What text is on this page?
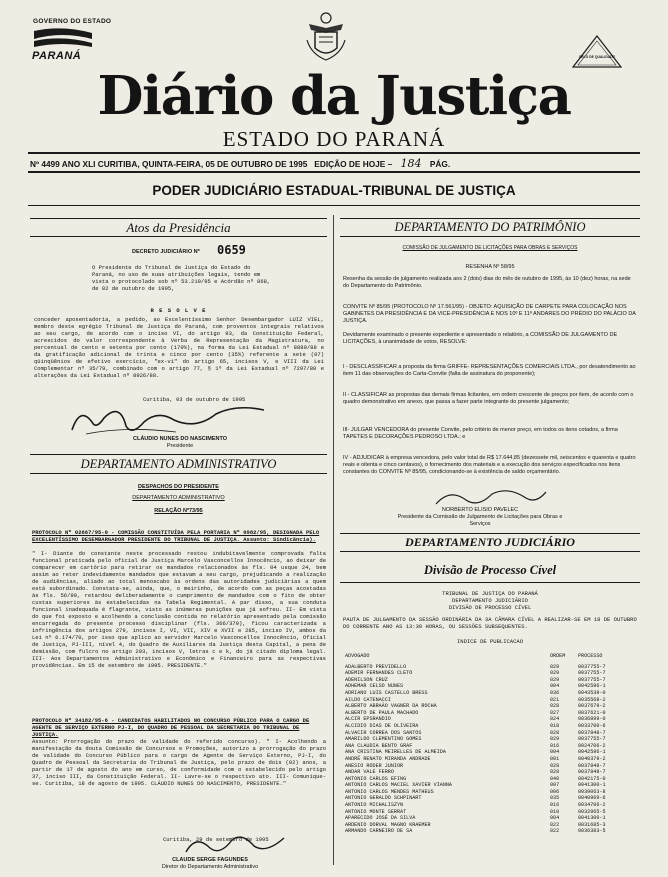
GOVERNO DO ESTADO
PARANÁ	SELO DE QUALIDADE
Diário da Justiça
ESTADO DO PARANÁ
Nº 4499 ANO XLI CURITIBA, QUINTA-FEIRA, 05 DE OUTUBRO DE 1995 EDIÇÃO DE HOJE – 184 PÁG.
PODER JUDICIÁRIO ESTADUAL-TRIBUNAL DE JUSTIÇA
Atos da Presidência
DECRETO JUDICIÁRIO Nº 0659
O Presidente do Tribunal de Justiça do Estado do Paraná, no uso de suas atribuições legais, tendo em vista o protocolado sob nº 53.219/95 e Acórdão nº 868, de 02 de outubro de 1995,
R E S O L V E
conceder aposentadoria, a pedido, ao Excelentíssimo Senhor Desembargador LUIZ VIEL, membro deste egrégio Tribunal de Justiça do Paraná, com proventos integrais relativos ao seu cargo, de acordo com o inciso VI, do artigo 93, da Constituição Federal, acrescidos do valor correspondente à Verba de Representação da Magistratura, no percentual de cento e setenta por cento (170%), na forma da Lei Estadual nº 8889/88 e da gratificação adicional de trinta e cinco por cento (35%) referente a sete (07) qüinqüênios de efetivo exercício, "ex-vi" do artigo 65, incisos V, e VIII da Lei Complementar nº 35/79, combinado com o artigo 77, § 1º da Lei Estadual nº 7297/80 e alterações da Lei Estadual nº 8926/88.
Curitiba, 03 de outubro de 1995
CLÁUDIO NUNES DO NASCIMENTO
Presidente
DEPARTAMENTO ADMINISTRATIVO
DESPACHOS DO PRESIDENTE
DEPARTAMENTO ADMINISTRATIVO
RELAÇÃO Nº73/95
PROTOCOLO Nº 02667/95-0 - COMISSÃO CONSTITUÍDA PELA PORTARIA Nº 0982/95, DESIGNADA PELO EXCELENTÍSSIMO DESEMBARGADOR PRESIDENTE DO TRIBUNAL DE JUSTIÇA. Assunto: Sindicância).
" I- Diante do constante neste processado restou indubitavelmente comprovada falta funcional praticada pelo oficial de Justiça Marcelo Vasconcellos Innocêncio, ao deixar de comparecer em cartório para retirar os mandados relacionados às fls. 04 usque 24, bem assim ao reter indevidamente mandados que estavam a seu cargo, prejudicando a realização de audiências, aliado ao total menoscabo às ordens das autoridades judiciárias a quem está subordinado. Constata-se, ainda, que, o meirinho, de acordo com as peças acostadas às fls. 56/99, retardou deliberadamente o cumprimento de mandados com o fito de obter custas superiores às estabelecidas na Tabela Regimental. A par disso, a sua conduta funcional inadequada é flagrante, visto as inúmeras punições que já sofreu. II- Em vista do que foi exposto e acolhendo a conclusão contida no relatório apresentado pela comissão encarregada do presente processo disciplinar (fls. 366/379), ficou caracterizada a infringência dos artigos 279, incisos I, VI, VII, XIV e XVII e 285, inciso IV, ambos da Lei nº 6.174/70, por isso que aplico ao servidor Marcelo Vasconcellos Innocêncio, Oficial de Justiça, PJ-III, nível 4, do Quadro de Auxiliares da Justiça desta Capital, a pena de demissão, com fulcro no artigo 293, incisos V, letras c e k, do já citado diploma legal. III- Aos Departamentos Administrativo e Econômico e Financeiro para as respectivas providências. Em 15 de setembro de 1995. PRESIDENTE."
PROTOCOLO Nº 34182/95-6 - CANDIDATOS HABILITADOS NO CONCURSO PÚBLICO PARA O CARGO DE AGENTE DE SERVIÇO EXTERNO PJ-I, DO QUADRO DE PESSOAL DA SECRETARIA DO TRIBUNAL DE JUSTIÇA.
Assunto: Prorrogação do prazo de validade do referido concurso). " I- Acolhendo a manifestação da douta Comissão de Concursos e Promoções, autorizo a prorrogação do prazo de validade do Concurso Público para o cargo de Agente de Serviço Externo, PJ-I, do Quadro de Pessoal da Secretaria do Tribunal de Justiça, pelo prazo de dois (02) anos, a partir de 17 de agosto do ano em curso, de conformidade com o estabelecido pelo artigo 37, inciso III, da Constituição Federal. II- Lavre-se o respectivo ato. III- Comunique-se. Curitiba, 18 de agosto de 1995. CLÁUDIO NUNES DO NASCIMENTO, PRESIDENTE."
Curitiba, 29 de setembro de 1995
CLAUDE SERGE FAGUNDES
Diretor do Departamento Administrativo
DEPARTAMENTO DO PATRIMÔNIO
COMISSÃO DE JULGAMENTO DE LICITAÇÕES PARA OBRAS E SERVIÇOS
RESENHA Nº 58/95
Resenha da sessão de julgamento realizada aos 2 (dois) dias do mês de outubro de 1995, às 10 (dez) horas, na sede do Departamento do Patrimônio.
CONVITE Nº 85/95 (PROTOCOLO Nº 17.561/95) - OBJETO: AQUISIÇÃO DE CARPETE PARA COLOCAÇÃO NOS GABINETES DA PRESIDÊNCIA E DA VICE-PRESIDÊNCIA E NOS 10º E 11º ANDARES DO PRÉDIO DO PALÁCIO DA JUSTIÇA.
Devidamente examinado o presente expediente e apresentado o relatório, a COMISSÃO DE JULGAMENTO DE LICITAÇÕES, à unanimidade de votos, RESOLVE:
I - DESCLASSIFICAR a proposta da firma GRIFFE- REPRESENTAÇÕES COMERCIAIS LTDA., por desatendimento ao item 11 das observações do Carta-Convite (falta de assinatura do proponente);
II - CLASSIFICAR as propostas das demais firmas licitantes, em ordem crescente de preços por item, de acordo com o quadro demonstrativo em anexo, que passa a fazer parte integrante do presente julgamento;
III- JULGAR VENCEDORA do presente Convite, pelo critério de menor preço, em todos os itens cotados, a firma TAPETES E DECORAÇÕES PEDROSO LTDA.; e
IV - ADJUDICAR à empresa vencedora, pelo valor total de R$ 17.644,85 (dezessete mil, seiscentos e quarenta e quatro reais e oitenta e cinco centavos), o fornecimento dos materiais e a execução dos serviços especificados nos itens constantes do CONVITE Nº 85/95, condicionando-se à existência de saldo orçamentário.
NORBERTO ELISIO PAVELEC
Presidente da Comissão de Julgamento de Licitações para Obras e Serviços
DEPARTAMENTO JUDICIÁRIO
Divisão de Processo Cível
TRIBUNAL DE JUSTIÇA DO PARANÁ
DEPARTAMENTO JUDICIÁRIO
DIVISÃO DE PROCESSO CÍVEL
PAUTA DE JULGAMENTO DA SESSÃO ORDINÁRIA DA 3A CÂMARA CÍVEL A REALIZAR-SE EM 18 DE OUTUBRO DO CORRENTE ANO AS 13:30 HORAS, OU SESSÕES SUBSEQUENTES.
INDICE DE PUBLICACAO
ADVOGADO	ORDEM	PROCESSO

ADALBERTO PREVIDELLO	029	0037755-7
ADEMIR FERNANDES CLETO	029	0037755-7
ADENILSON CRUZ	029	0037755-7
ADHEMAR CELSO NUNES	004	0042596-1
ADRIANO LUIS CASTELLO BRESS	036	0043539-0
AILDO CATENACCI	021	0035568-2
ALBERTO ABRAÃO VAGNER DA ROCHA	028	0037679-2
ALBERTO DE PAULA MACHADO	027	0037621-0
ALCIR EPSRANDIO	024	0036899-0
ALCIDIO DIAS DE OLIVEIRA	018	0033700-6
ALVACIR CORREA DOS SANTOS	028	0037848-7
AMARILDO CLEMENTINO GOMES	029	0037755-7
ANA CLAUDIA BENTO GRAF	016	0024706-2
ANA CRISTINA MEIRELLES DE ALMEIDA	004	0042596-1
ANDRÉ RENATO MIRANDA ANDRADE	001	0040379-2
ANESIO RODER JUNIOR	028	0037848-7
ANDAR VALE FERRO	028	0037848-7
ANTONIO CARLOS EFING	040	0042175-0
ANTONIO CARLOS MACIEL XAVIER VIANNA	007	0041300-1
ANTONIO CARLOS MENDES MATHEUS	006	0039063-8
ANTONIO GERALDO SCHPINART	035	0040969-6
ANTONIO MICHALISZYN	016	0034706-2
ANTONIO MONTE SERRAT	010	0032965-5
APARECIDO JOSÉ DA SILVA	004	0041300-1
ARDENIO DORVAL MAGNO KRAEMER	022	0031685-3
ARMANDO CARNEIRO DE SA	022	0036383-5
